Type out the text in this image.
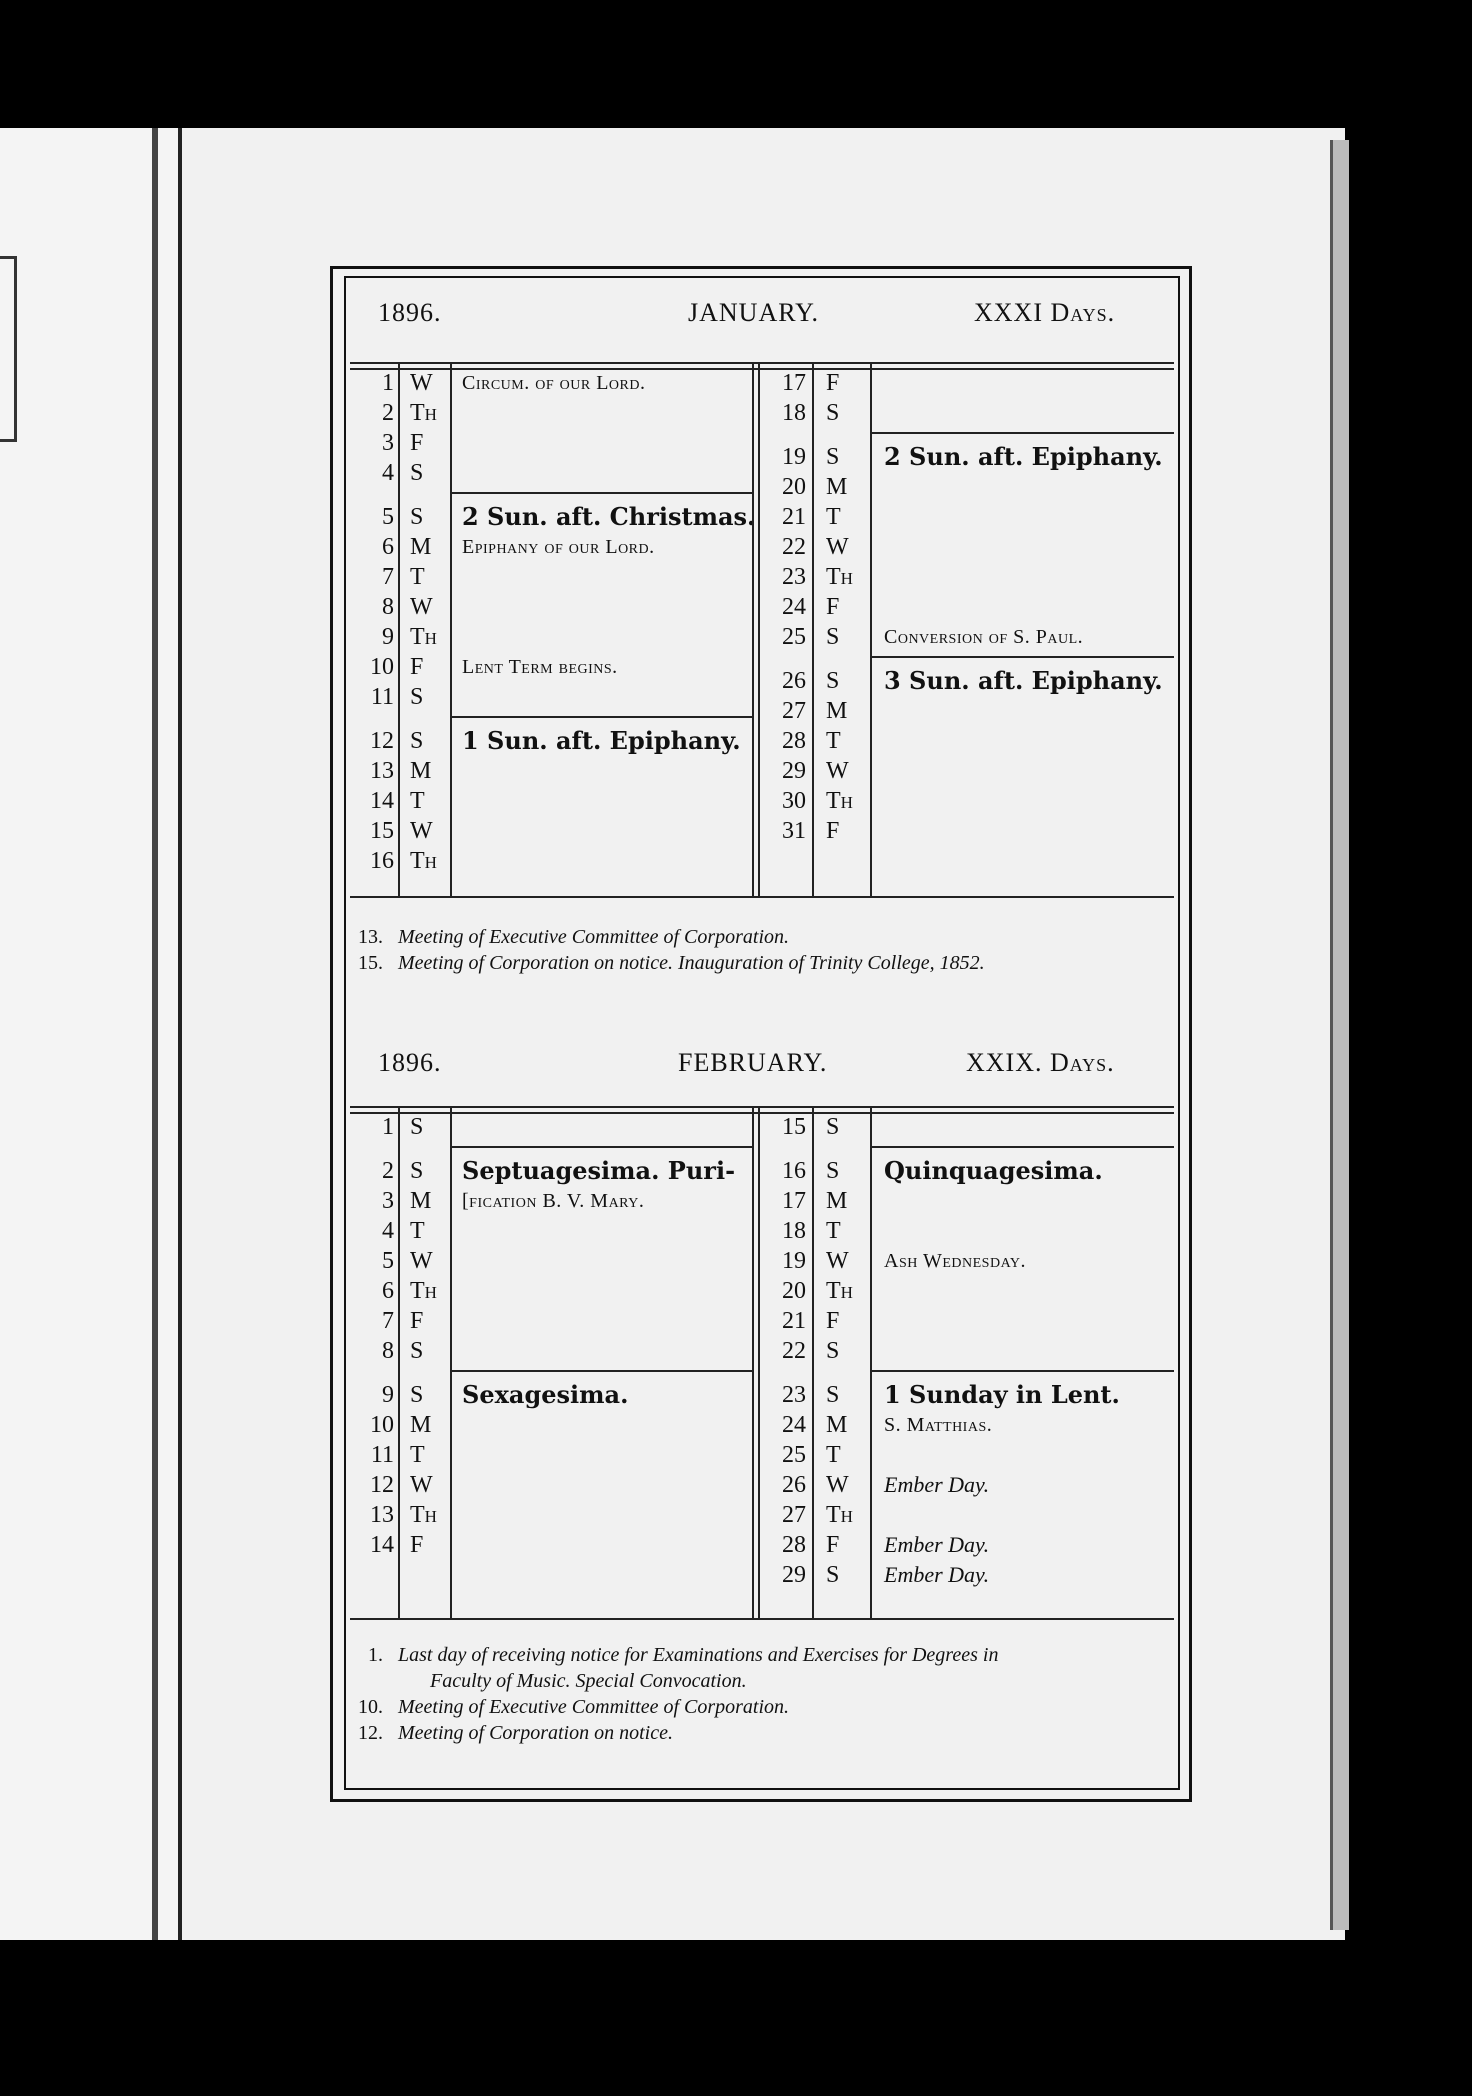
1896.	JANUARY.	XXXI Days.
1 W	Circum. of our Lord.
2 Th
3 F
4 S
5 S	2 Sun. aft. Christmas.
6 M	Epiphany of our Lord.
7 T
8 W
9 Th
10 F	Lent Term begins.
11 S
12 S	1 Sun. aft. Epiphany.
13 M
14 T
15 W
16 Th
17 F
18 S
19 S	2 Sun. aft. Epiphany.
20 M
21 T
22 W
23 Th
24 F
25 S	Conversion of S. Paul.
26 S	3 Sun. aft. Epiphany.
27 M
28 T
29 W
30 Th
31 F
13. Meeting of Executive Committee of Corporation.
15. Meeting of Corporation on notice. Inauguration of Trinity College, 1852.
1896.	FEBRUARY.	XXIX. Days.
1 S
2 S	Septuagesima. Puri-
3 M	[fication B. V. Mary.
4 T
5 W
6 Th
7 F
8 S
9 S	Sexagesima.
10 M
11 T
12 W
13 Th
14 F
15 S
16 S	Quinquagesima.
17 M
18 T
19 W	Ash Wednesday.
20 Th
21 F
22 S
23 S	1 Sunday in Lent.
24 M	S. Matthias.
25 T
26 W	Ember Day.
27 Th
28 F	Ember Day.
29 S	Ember Day.
1. Last day of receiving notice for Examinations and Exercises for Degrees in
Faculty of Music. Special Convocation.
10. Meeting of Executive Committee of Corporation.
12. Meeting of Corporation on notice.
